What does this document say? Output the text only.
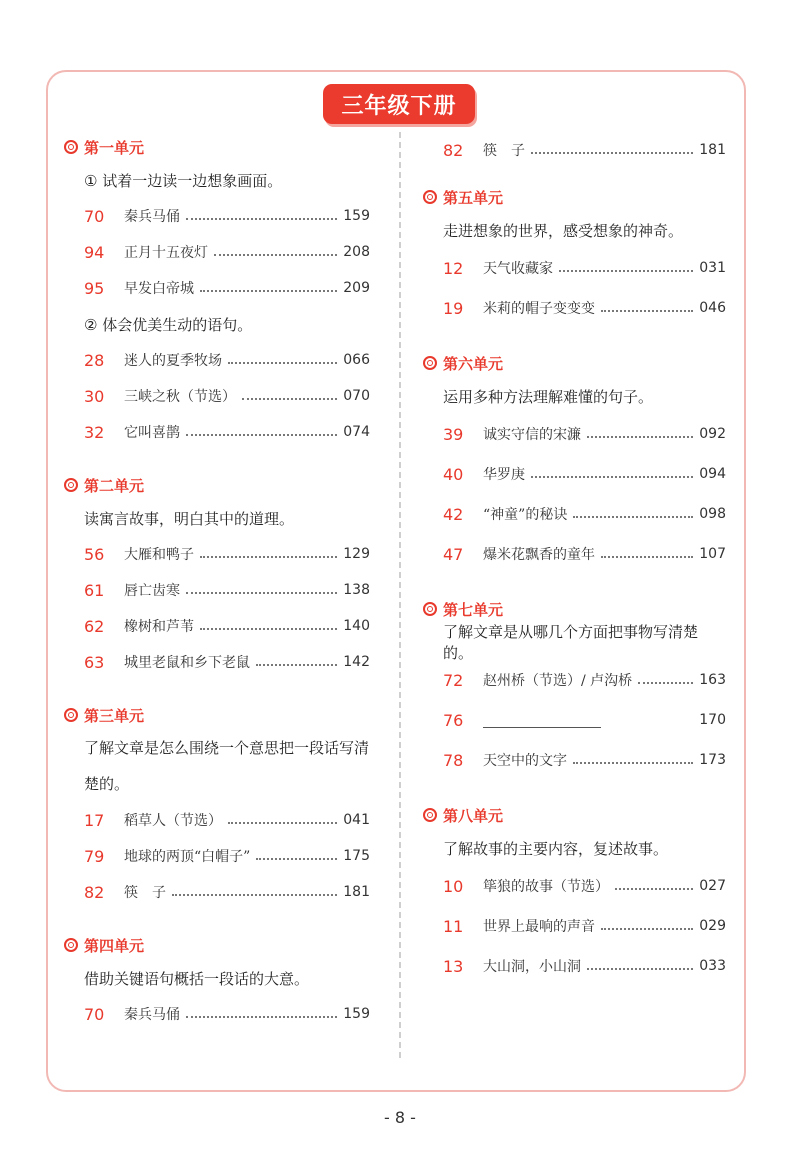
三年级下册
第一单元
① 试着一边读一边想象画面。
70	秦兵马俑	159
94	正月十五夜灯	208
95	早发白帝城	209
② 体会优美生动的语句。
28	迷人的夏季牧场	066
30	三峡之秋（节选）	070
32	它叫喜鹊	074
第二单元
读寓言故事，明白其中的道理。
56	大雁和鸭子	129
61	唇亡齿寒	138
62	橡树和芦苇	140
63	城里老鼠和乡下老鼠	142
第三单元
了解文章是怎么围绕一个意思把一段话写清楚的。
17	稻草人（节选）	041
79	地球的两顶“白帽子”	175
82	筷　子	181
第四单元
借助关键语句概括一段话的大意。
70	秦兵马俑	159
82	筷　子	181
第五单元
走进想象的世界，感受想象的神奇。
12	天气收藏家	031
19	米莉的帽子变变变	046
第六单元
运用多种方法理解难懂的句子。
39	诚实守信的宋濂	092
40	华罗庚	094
42	“神童”的秘诀	098
47	爆米花飘香的童年	107
第七单元
了解文章是从哪几个方面把事物写清楚的。
72	赵州桥（节选）/ 卢沟桥	163
76	170
78	天空中的文字	173
第八单元
了解故事的主要内容，复述故事。
10	筚狼的故事（节选）	027
11	世界上最响的声音	029
13	大山洞，小山洞	033
- 8 -
